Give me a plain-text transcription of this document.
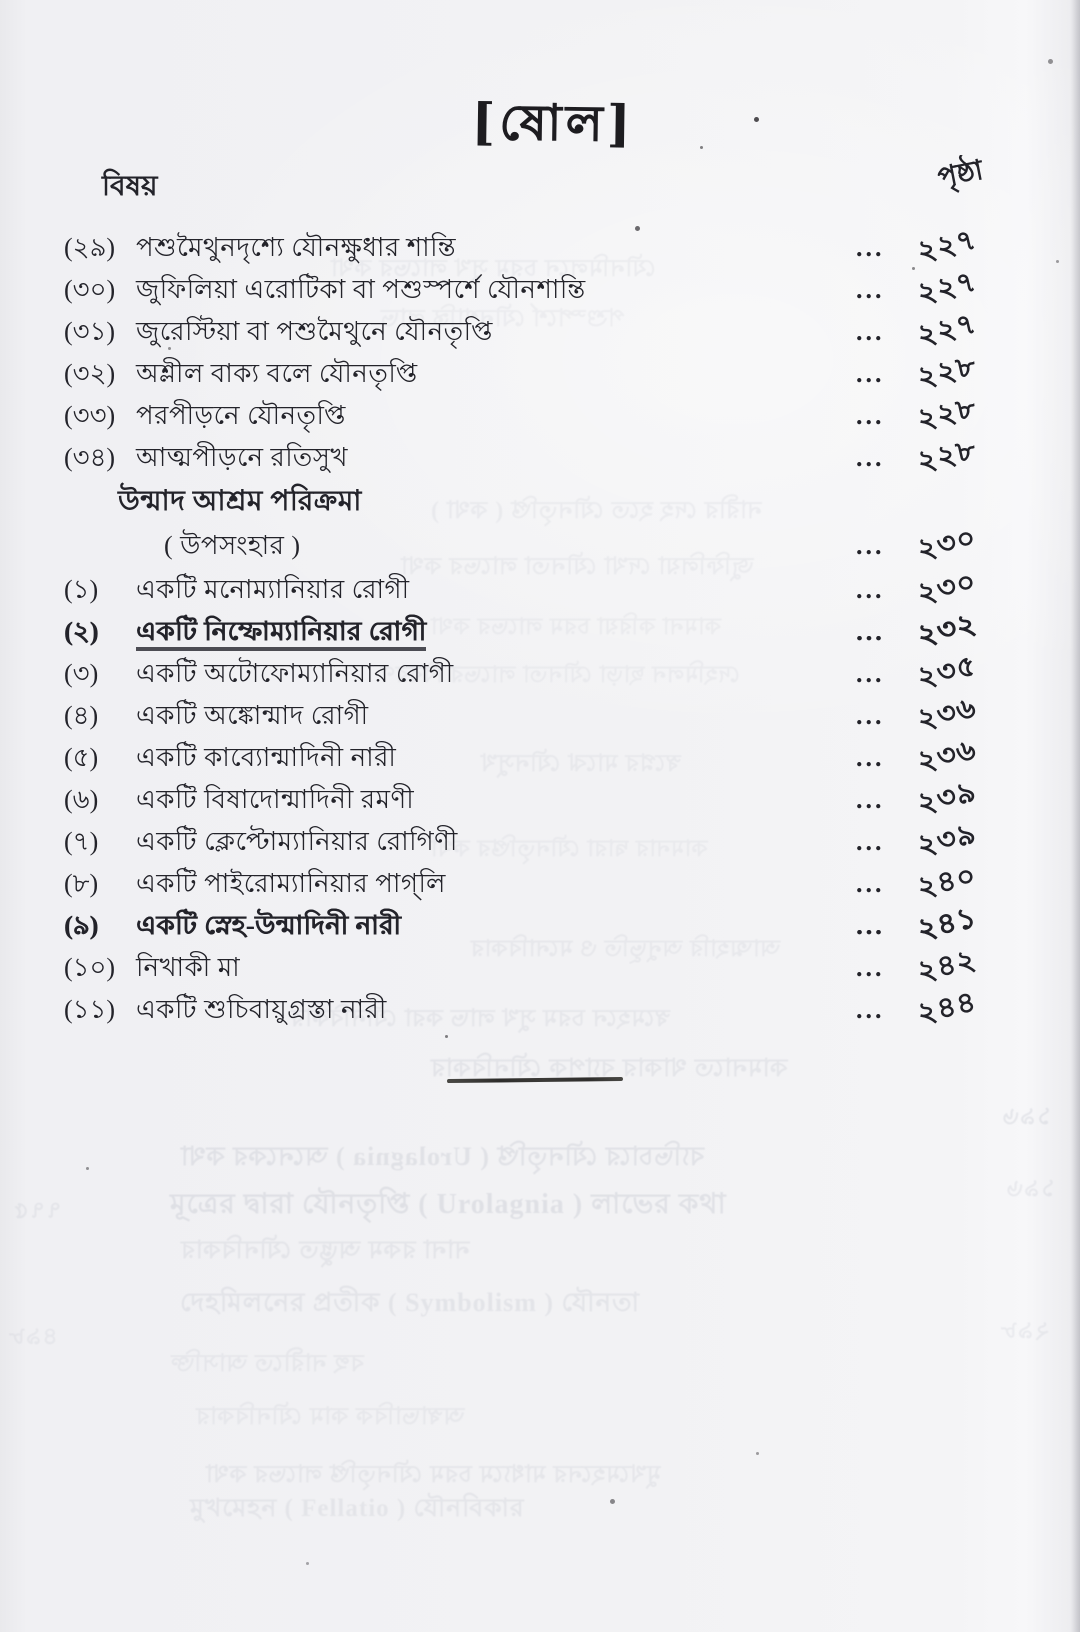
যৌনমিলনে চরম সুখ লাভের কথা
পশুস্পর্শে যৌনশান্তি লাভ
নারীর দেহ হতে যৌনতৃপ্তি ( কথা )
জুফিলিয়া দেখা যৌনতা লাভের কথা
কামনা করিয়া চরম লাভের কথা
দেহমিলন ছাড়া যৌনতা লাভের বিবরণ
স্বপ্নের মাঝে যৌনসুখ
কামনার দ্বারা যৌনতৃপ্তির কথা
আত্মহারি অনুভূতি ও মনোবিকার
স্বমেহনে চরম সুখ লাভ করা যৌনবিকার
কামনাতে থাকার ব্যাপক যৌনবিকার
ব্যভিচারে যৌনতৃপ্তি ( Urolagnia ) অনেকের কথা
মূত্রের দ্বারা যৌনতৃপ্তি ( Urolagnia ) লাভের কথা
নানা রকম অদ্ভুত যৌনবিকার
দেহমিলনের প্রতীক ( Symbolism ) যৌনতা
বহু নারীতে আসক্তি
অস্বাভাবিক কাম যৌনবিকার
মুখমেহনের মাধ্যমে চরম যৌনতৃপ্তি লাভের কথা
মুখমেহন ( Fellatio ) যৌনবিকার
১৯৬
১৯৬
২৯৮
৭৭৫
৪৯৮
[ষোল]
বিষয়	পৃষ্ঠা
(২৯) পশুমৈথুনদৃশ্যে যৌনক্ষুধার শান্তি	...	২২৭
(৩০) জুফিলিয়া এরোটিকা বা পশুস্পর্শে যৌনশান্তি	...	২২৭
(৩১) জুরেস্টিয়া বা পশুমৈথুনে যৌনতৃপ্তি	...	২২৭
(৩২) অশ্লীল বাক্য বলে যৌনতৃপ্তি	...	২২৮
(৩৩) পরপীড়নে যৌনতৃপ্তি	...	২২৮
(৩৪) আত্মপীড়নে রতিসুখ	...	২২৮
উন্মাদ আশ্রম পরিক্রমা
( উপসংহার )	...	২৩০
(১) একটি মনোম্যানিয়ার রোগী	...	২৩০
(২) একটি নিম্ফোম্যানিয়ার রোগী	...	২৩২
(৩) একটি অটোফোম্যানিয়ার রোগী	...	২৩৫
(৪) একটি অঙ্কোন্মাদ রোগী	...	২৩৬
(৫) একটি কাব্যোন্মাদিনী নারী	...	২৩৬
(৬) একটি বিষাদোন্মাদিনী রমণী	...	২৩৯
(৭) একটি ক্লেপ্টোম্যানিয়ার রোগিণী	...	২৩৯
(৮) একটি পাইরোম্যানিয়ার পাগ্‌লি	...	২৪০
(৯) একটি স্নেহ-উন্মাদিনী নারী	...	২৪১
(১০) নিখাকী মা	...	২৪২
(১১) একটি শুচিবায়ুগ্রস্তা নারী	...	২৪৪
